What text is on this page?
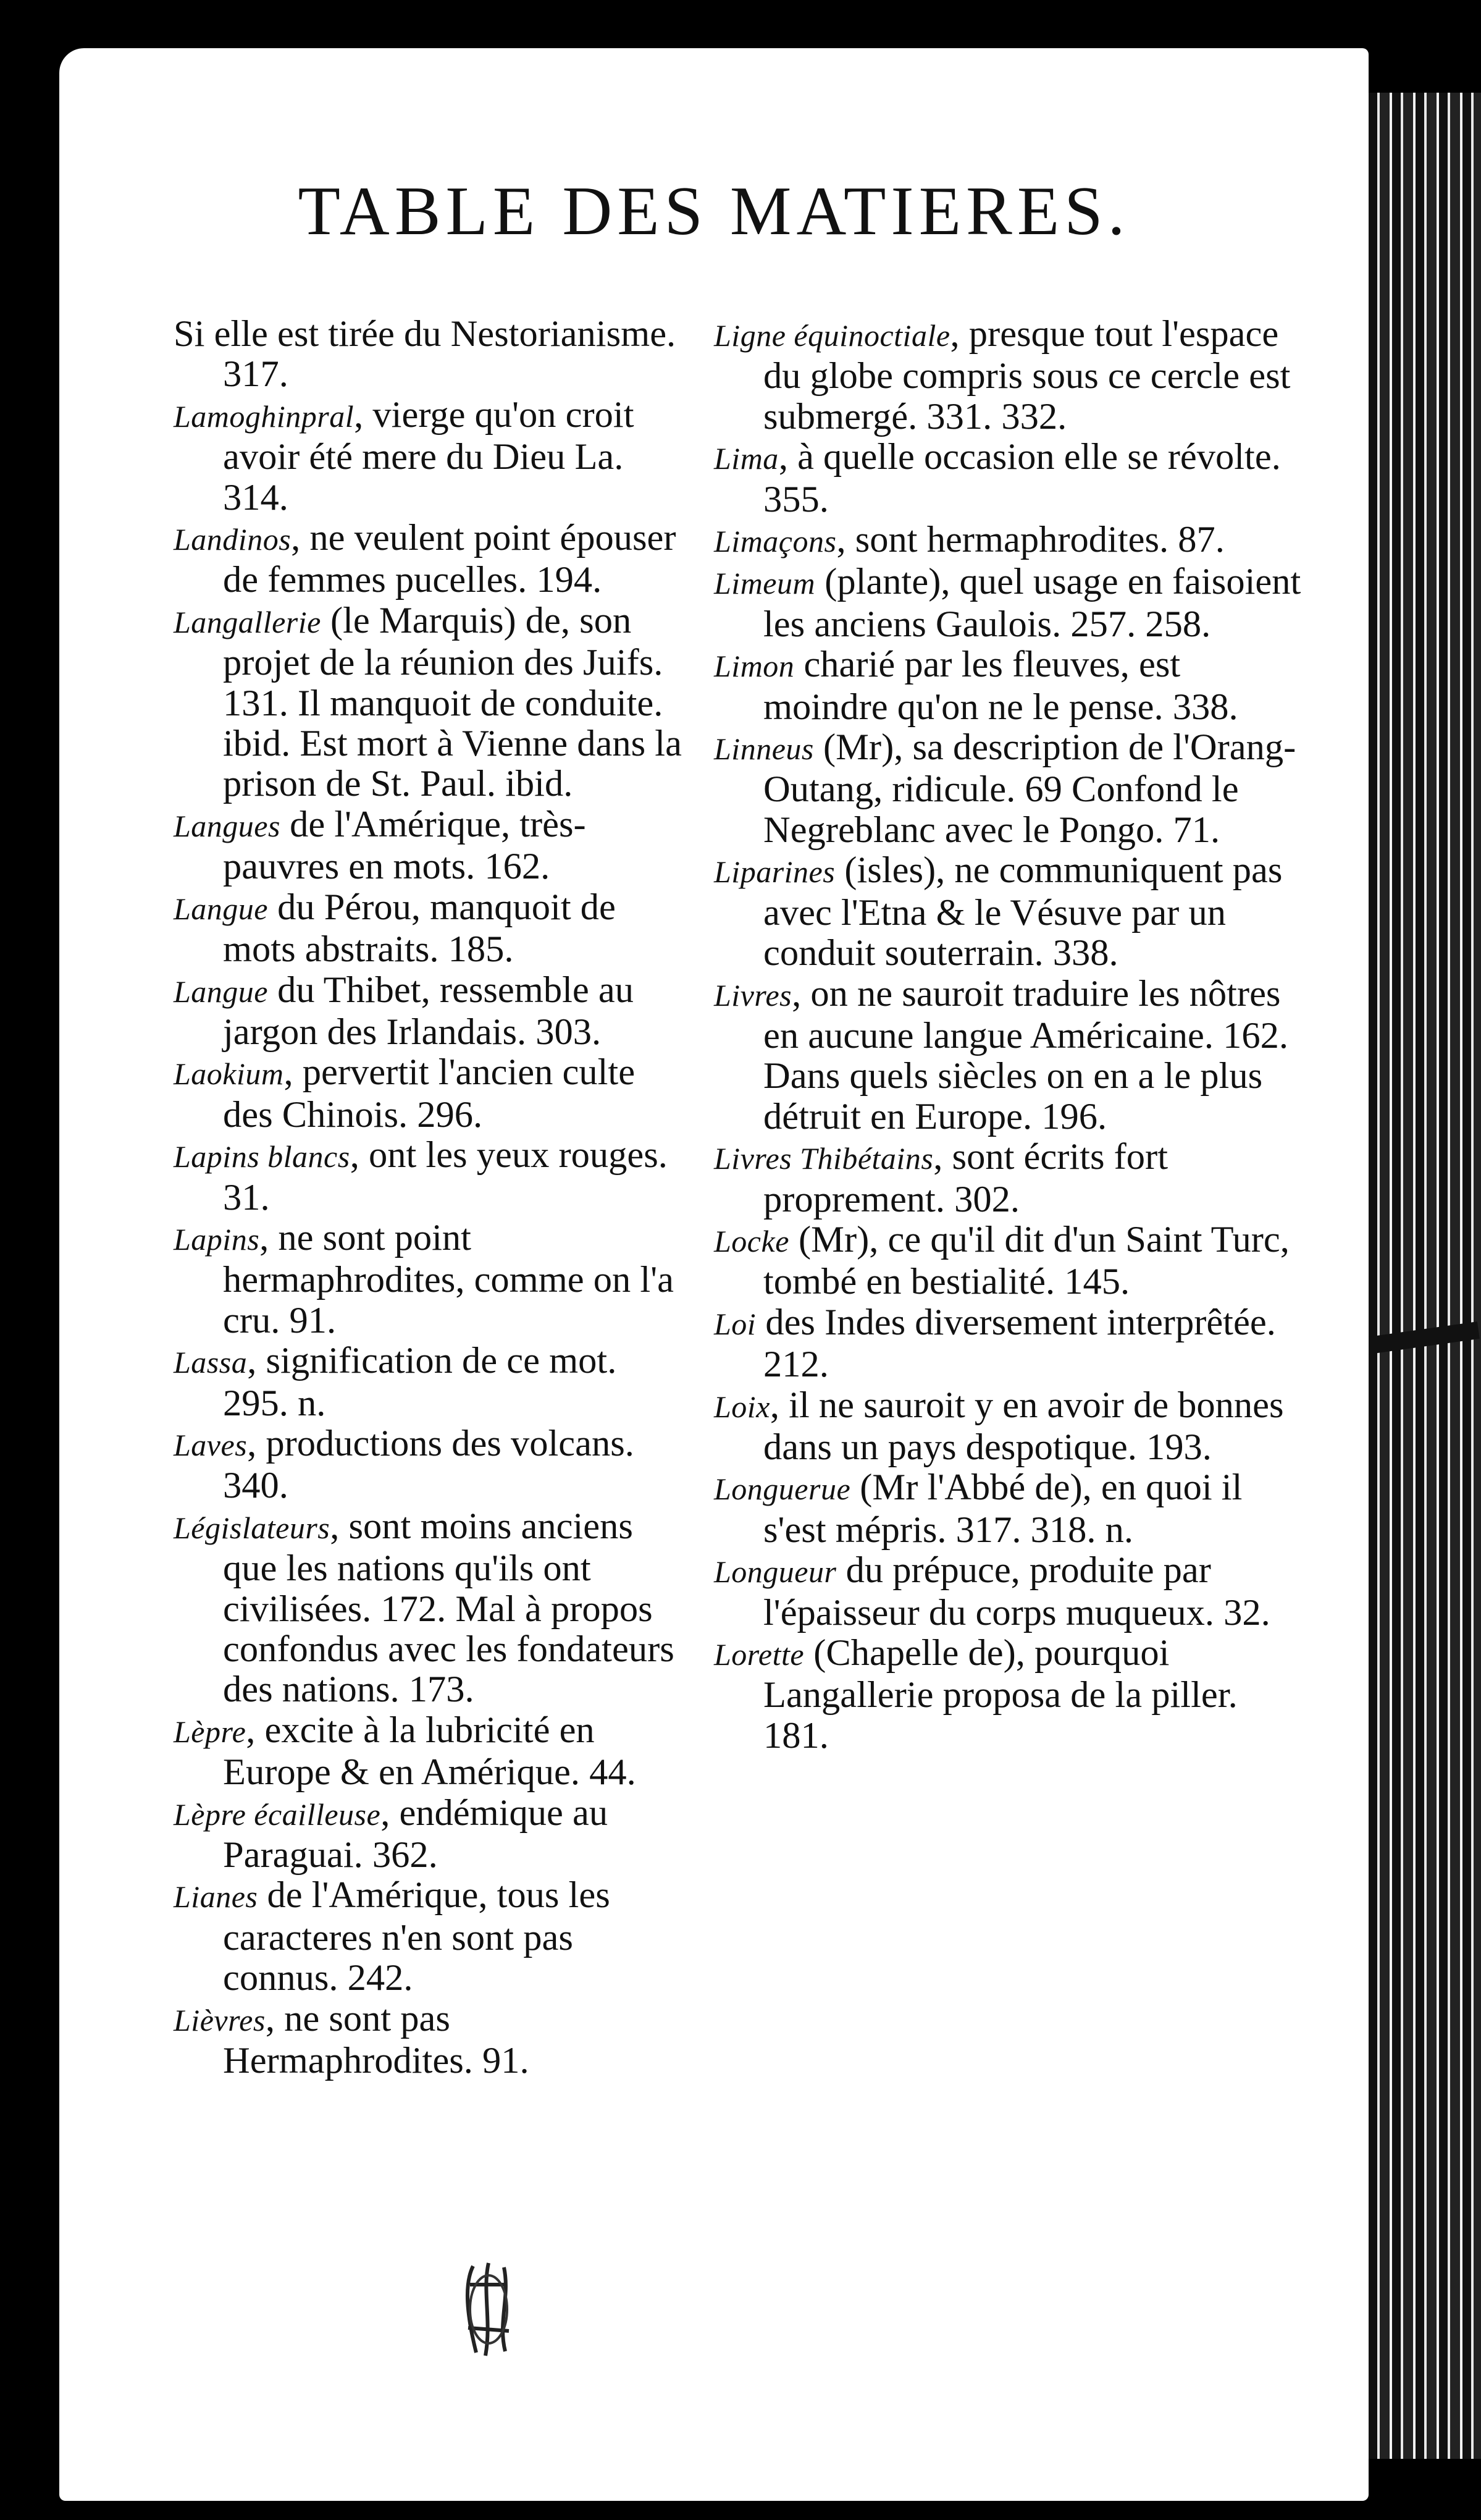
TABLE DES MATIERES.

Si elle est tirée du Nestorianisme. 317.

Lamoghinpral, vierge qu'on croit avoir été mere du Dieu La. 314.

Landinos, ne veulent point épouser de femmes pucelles. 194.

Langallerie (le Marquis) de, son projet de la réunion des Juifs. 131. Il manquoit de conduite. ibid. Est mort à Vienne dans la prison de St. Paul. ibid.

Langues de l'Amérique, très-pauvres en mots. 162.

Langue du Pérou, manquoit de mots abstraits. 185.

Langue du Thibet, ressemble au jargon des Irlandais. 303.

Laokium, pervertit l'ancien culte des Chinois. 296.

Lapins blancs, ont les yeux rouges. 31.

Lapins, ne sont point hermaphrodites, comme on l'a cru. 91.

Lassa, signification de ce mot. 295. n.

Laves, productions des volcans. 340.

Législateurs, sont moins anciens que les nations qu'ils ont civilisées. 172. Mal à propos confondus avec les fondateurs des nations. 173.

Lèpre, excite à la lubricité en Europe & en Amérique. 44.

Lèpre écailleuse, endémique au Paraguai. 362.

Lianes de l'Amérique, tous les caracteres n'en sont pas connus. 242.

Lièvres, ne sont pas Hermaphrodites. 91.

Ligne équinoctiale, presque tout l'espace du globe compris sous ce cercle est submergé. 331. 332.

Lima, à quelle occasion elle se révolte. 355.

Limaçons, sont hermaphrodites. 87.

Limeum (plante), quel usage en faisoient les anciens Gaulois. 257. 258.

Limon charié par les fleuves, est moindre qu'on ne le pense. 338.

Linneus (Mr), sa description de l'Orang-Outang, ridicule. 69 Confond le Negreblanc avec le Pongo. 71.

Liparines (isles), ne communiquent pas avec l'Etna & le Vésuve par un conduit souterrain. 338.

Livres, on ne sauroit traduire les nôtres en aucune langue Américaine. 162. Dans quels siècles on en a le plus détruit en Europe. 196.

Livres Thibétains, sont écrits fort proprement. 302.

Locke (Mr), ce qu'il dit d'un Saint Turc, tombé en bestialité. 145.

Loi des Indes diversement interprêtée. 212.

Loix, il ne sauroit y en avoir de bonnes dans un pays despotique. 193.

Longuerue (Mr l'Abbé de), en quoi il s'est mépris. 317. 318. n.

Longueur du prépuce, produite par l'épaisseur du corps muqueux. 32.

Lorette (Chapelle de), pourquoi Langallerie proposa de la piller. 181.
